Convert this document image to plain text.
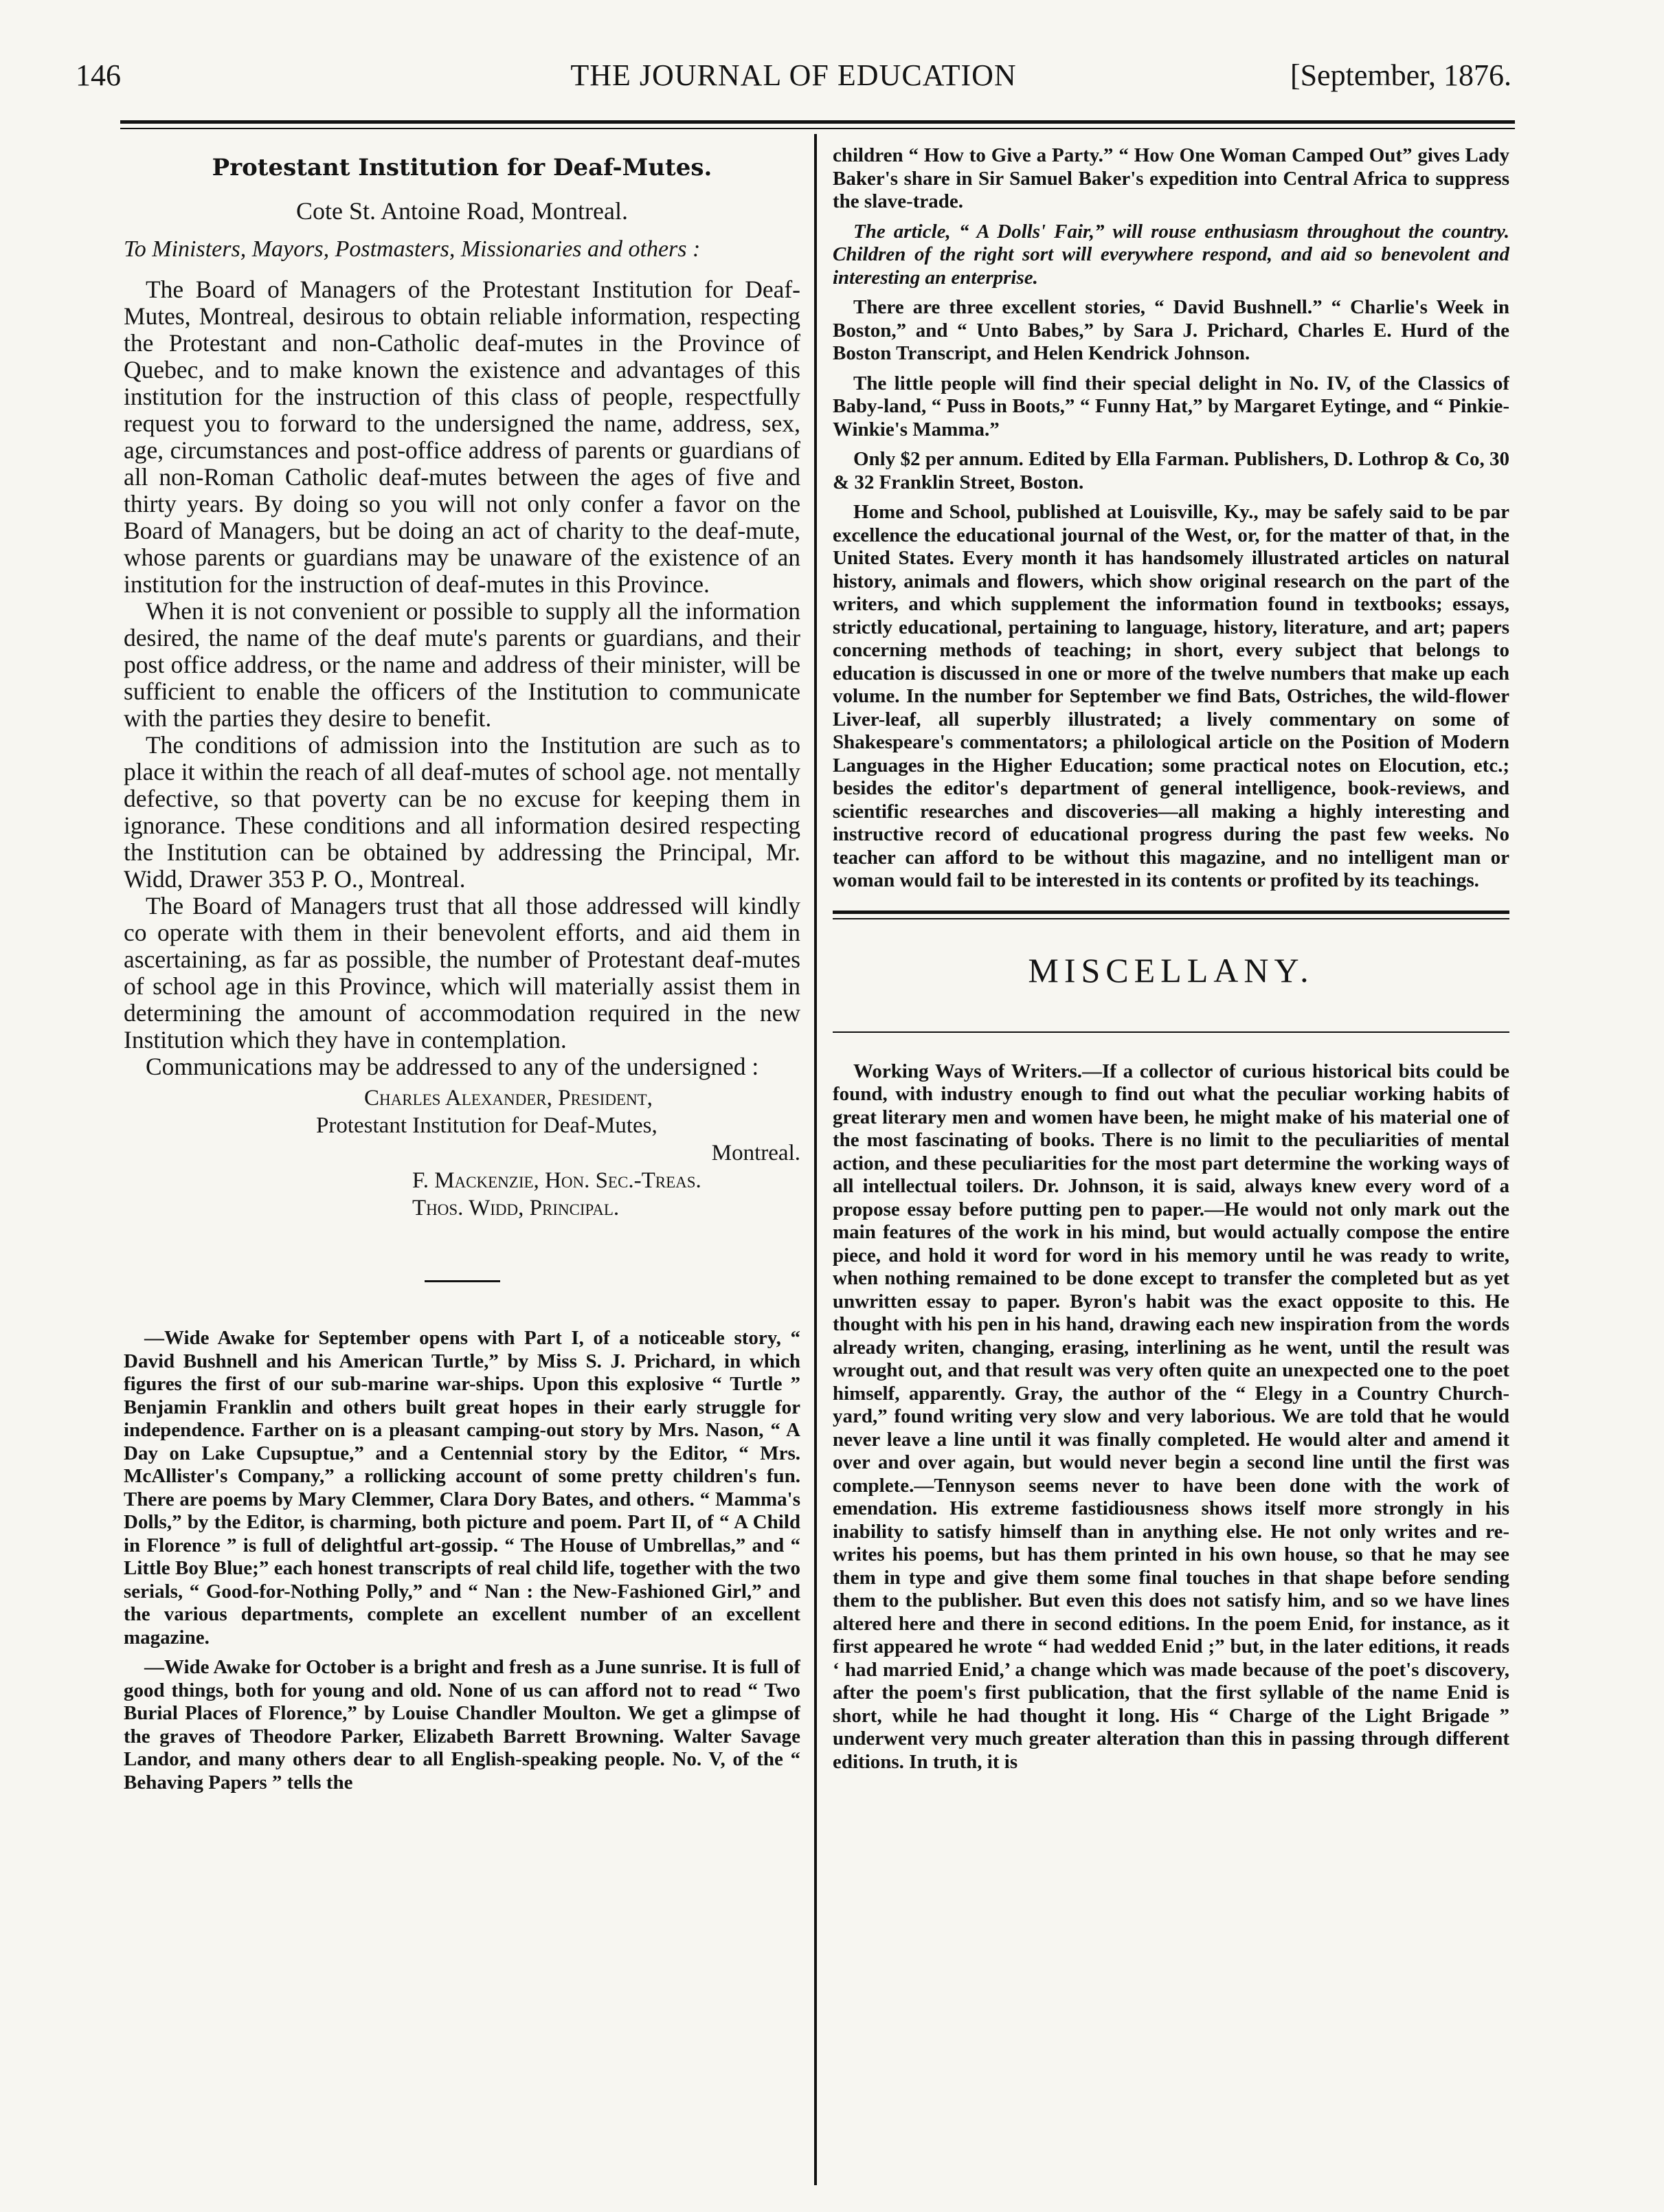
146	THE JOURNAL OF EDUCATION	[September, 1876.
Protestant Institution for Deaf-Mutes.
Cote St. Antoine Road, Montreal.
To Ministers, Mayors, Postmasters, Missionaries and others :

The Board of Managers of the Protestant Institution for Deaf-Mutes, Montreal, desirous to obtain reliable information, respecting the Protestant and non-Catholic deaf-mutes in the Province of Quebec, and to make known the existence and advantages of this institution for the instruction of this class of people, respectfully request you to forward to the undersigned the name, address, sex, age, circumstances and post-office address of parents or guardians of all non-Roman Catholic deaf-mutes between the ages of five and thirty years. By doing so you will not only confer a favor on the Board of Managers, but be doing an act of charity to the deaf-mute, whose parents or guardians may be unaware of the existence of an institution for the instruction of deaf-mutes in this Province.

When it is not convenient or possible to supply all the information desired, the name of the deaf mute's parents or guardians, and their post office address, or the name and address of their minister, will be sufficient to enable the officers of the Institution to communicate with the parties they desire to benefit.

The conditions of admission into the Institution are such as to place it within the reach of all deaf-mutes of school age. not mentally defective, so that poverty can be no excuse for keeping them in ignorance. These conditions and all information desired respecting the Institution can be obtained by addressing the Principal, Mr. Widd, Drawer 353 P. O., Montreal.

The Board of Managers trust that all those addressed will kindly co operate with them in their benevolent efforts, and aid them in ascertaining, as far as possible, the number of Protestant deaf-mutes of school age in this Province, which will materially assist them in determining the amount of accommodation required in the new Institution which they have in contemplation.

Communications may be addressed to any of the undersigned :

Charles Alexander, President,
Protestant Institution for Deaf-Mutes,
Montreal.
F. Mackenzie, Hon. Sec.-Treas.
Thos. Widd, Principal.

—Wide Awake for September opens with Part I, of a noticeable story, “ David Bushnell and his American Turtle,” by Miss S. J. Prichard, in which figures the first of our sub-marine war-ships. Upon this explosive “ Turtle ” Benjamin Franklin and others built great hopes in their early struggle for independence. Farther on is a pleasant camping-out story by Mrs. Nason, “ A Day on Lake Cupsuptue,” and a Centennial story by the Editor, “ Mrs. McAllister's Company,” a rollicking account of some pretty children's fun. There are poems by Mary Clemmer, Clara Dory Bates, and others. “ Mamma's Dolls,” by the Editor, is charming, both picture and poem. Part II, of “ A Child in Florence ” is full of delightful art-gossip. “ The House of Umbrellas,” and “ Little Boy Blue;” each honest transcripts of real child life, together with the two serials, “ Good-for-Nothing Polly,” and “ Nan : the New-Fashioned Girl,” and the various departments, complete an excellent number of an excellent magazine.

—Wide Awake for October is a bright and fresh as a June sunrise. It is full of good things, both for young and old. None of us can afford not to read “ Two Burial Places of Florence,” by Louise Chandler Moulton. We get a glimpse of the graves of Theodore Parker, Elizabeth Barrett Browning. Walter Savage Landor, and many others dear to all English-speaking people. No. V, of the “ Behaving Papers ” tells the

children “ How to Give a Party.” “ How One Woman Camped Out” gives Lady Baker's share in Sir Samuel Baker's expedition into Central Africa to suppress the slave-trade.

The article, “ A Dolls' Fair,” will rouse enthusiasm throughout the country. Children of the right sort will everywhere respond, and aid so benevolent and interesting an enterprise.

There are three excellent stories, “ David Bushnell.” “ Charlie's Week in Boston,” and “ Unto Babes,” by Sara J. Prichard, Charles E. Hurd of the Boston Transcript, and Helen Kendrick Johnson.

The little people will find their special delight in No. IV, of the Classics of Baby-land, “ Puss in Boots,” “ Funny Hat,” by Margaret Eytinge, and “ Pinkie-Winkie's Mamma.”

Only $2 per annum. Edited by Ella Farman. Publishers, D. Lothrop & Co, 30 & 32 Franklin Street, Boston.

Home and School, published at Louisville, Ky., may be safely said to be par excellence the educational journal of the West, or, for the matter of that, in the United States. Every month it has handsomely illustrated articles on natural history, animals and flowers, which show original research on the part of the writers, and which supplement the information found in textbooks; essays, strictly educational, pertaining to language, history, literature, and art; papers concerning methods of teaching; in short, every subject that belongs to education is discussed in one or more of the twelve numbers that make up each volume. In the number for September we find Bats, Ostriches, the wild-flower Liver-leaf, all superbly illustrated; a lively commentary on some of Shakespeare's commentators; a philological article on the Position of Modern Languages in the Higher Education; some practical notes on Elocution, etc.; besides the editor's department of general intelligence, book-reviews, and scientific researches and discoveries—all making a highly interesting and instructive record of educational progress during the past few weeks. No teacher can afford to be without this magazine, and no intelligent man or woman would fail to be interested in its contents or profited by its teachings.

MISCELLANY.

Working Ways of Writers.—If a collector of curious historical bits could be found, with industry enough to find out what the peculiar working habits of great literary men and women have been, he might make of his material one of the most fascinating of books. There is no limit to the peculiarities of mental action, and these peculiarities for the most part determine the working ways of all intellectual toilers. Dr. Johnson, it is said, always knew every word of a propose essay before putting pen to paper.—He would not only mark out the main features of the work in his mind, but would actually compose the entire piece, and hold it word for word in his memory until he was ready to write, when nothing remained to be done except to transfer the completed but as yet unwritten essay to paper. Byron's habit was the exact opposite to this. He thought with his pen in his hand, drawing each new inspiration from the words already writen, changing, erasing, interlining as he went, until the result was wrought out, and that result was very often quite an unexpected one to the poet himself, apparently. Gray, the author of the “ Elegy in a Country Church-yard,” found writing very slow and very laborious. We are told that he would never leave a line until it was finally completed. He would alter and amend it over and over again, but would never begin a second line until the first was complete.—Tennyson seems never to have been done with the work of emendation. His extreme fastidiousness shows itself more strongly in his inability to satisfy himself than in anything else. He not only writes and re-writes his poems, but has them printed in his own house, so that he may see them in type and give them some final touches in that shape before sending them to the publisher. But even this does not satisfy him, and so we have lines altered here and there in second editions. In the poem Enid, for instance, as it first appeared he wrote “ had wedded Enid ;” but, in the later editions, it reads ‘ had married Enid,’ a change which was made because of the poet's discovery, after the poem's first publication, that the first syllable of the name Enid is short, while he had thought it long. His “ Charge of the Light Brigade ” underwent very much greater alteration than this in passing through different editions. In truth, it is
